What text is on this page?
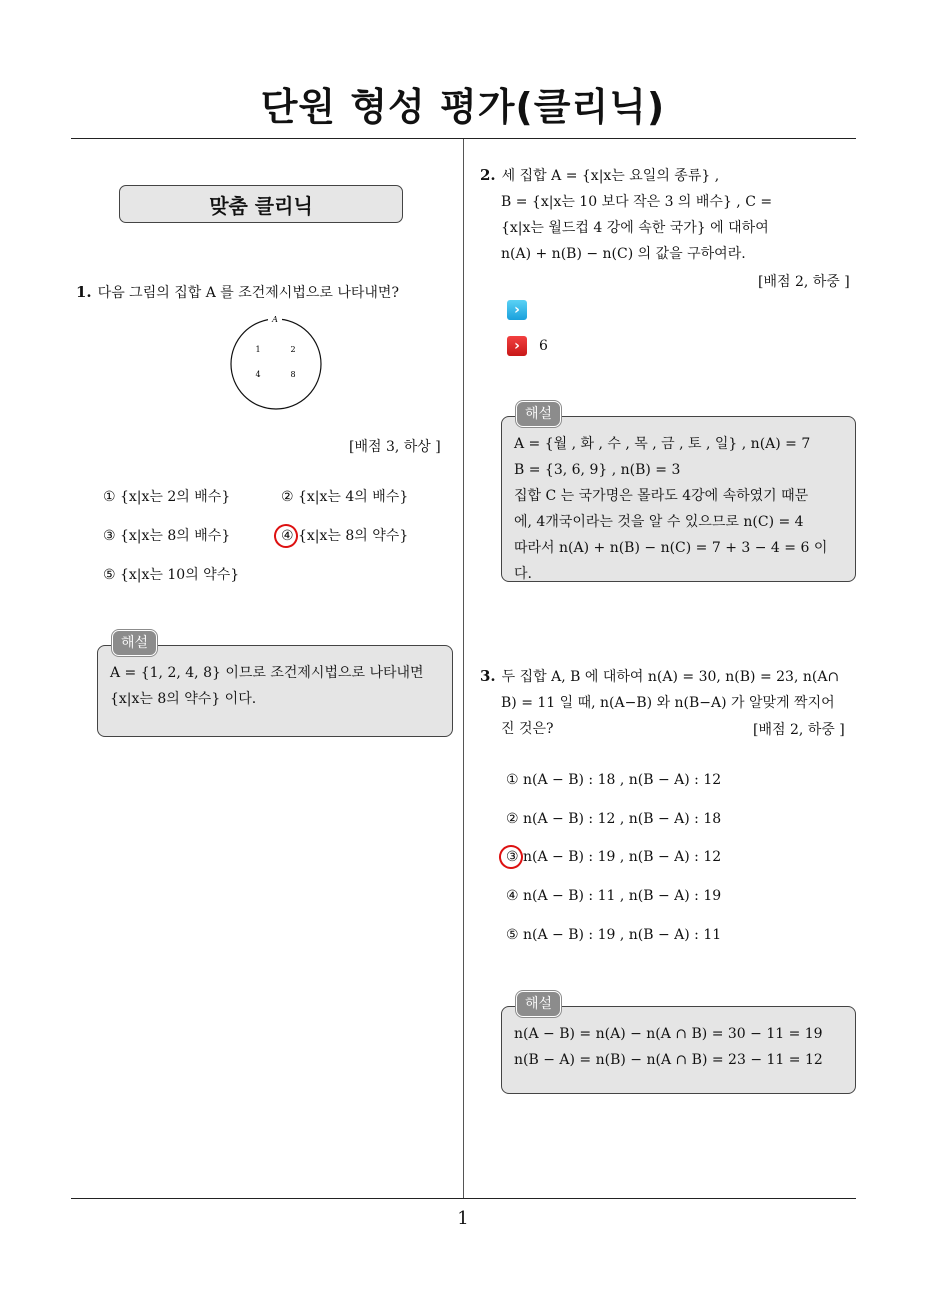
단원 형성 평가(클리닉)
맞춤 클리닉
1. 다음 그림의 집합 A 를 조건제시법으로 나타내면?
A
1	2
4	8
[배점 3, 하상 ]
① {x|x는 2의 배수}	② {x|x는 4의 배수}
③ {x|x는 8의 배수}	④ {x|x는 8의 약수}
⑤ {x|x는 10의 약수}
해설
A = {1, 2, 4, 8} 이므로 조건제시법으로 나타내면
{x|x는 8의 약수} 이다.
2. 세 집합 A = {x|x는 요일의 종류} ,
B = {x|x는 10 보다 작은 3 의 배수} , C =
{x|x는 월드컵 4 강에 속한 국가} 에 대하여
n(A) + n(B) − n(C) 의 값을 구하여라.
[배점 2, 하중 ]
›
›	6
해설
A = {월 , 화 , 수 , 목 , 금 , 토 , 일} , n(A) = 7
B = {3, 6, 9} , n(B) = 3
집합 C 는 국가명은 몰라도 4강에 속하였기 때문
에, 4개국이라는 것을 알 수 있으므로 n(C) = 4
따라서 n(A) + n(B) − n(C) = 7 + 3 − 4 = 6 이다.
3. 두 집합 A, B 에 대하여 n(A) = 30, n(B) = 23, n(A∩
B) = 11 일 때, n(A−B) 와 n(B−A) 가 알맞게 짝지어
진 것은?	[배점 2, 하중 ]
① n(A − B) : 18 , n(B − A) : 12
② n(A − B) : 12 , n(B − A) : 18
③ n(A − B) : 19 , n(B − A) : 12
④ n(A − B) : 11 , n(B − A) : 19
⑤ n(A − B) : 19 , n(B − A) : 11
해설
n(A − B) = n(A) − n(A ∩ B) = 30 − 11 = 19
n(B − A) = n(B) − n(A ∩ B) = 23 − 11 = 12
1
